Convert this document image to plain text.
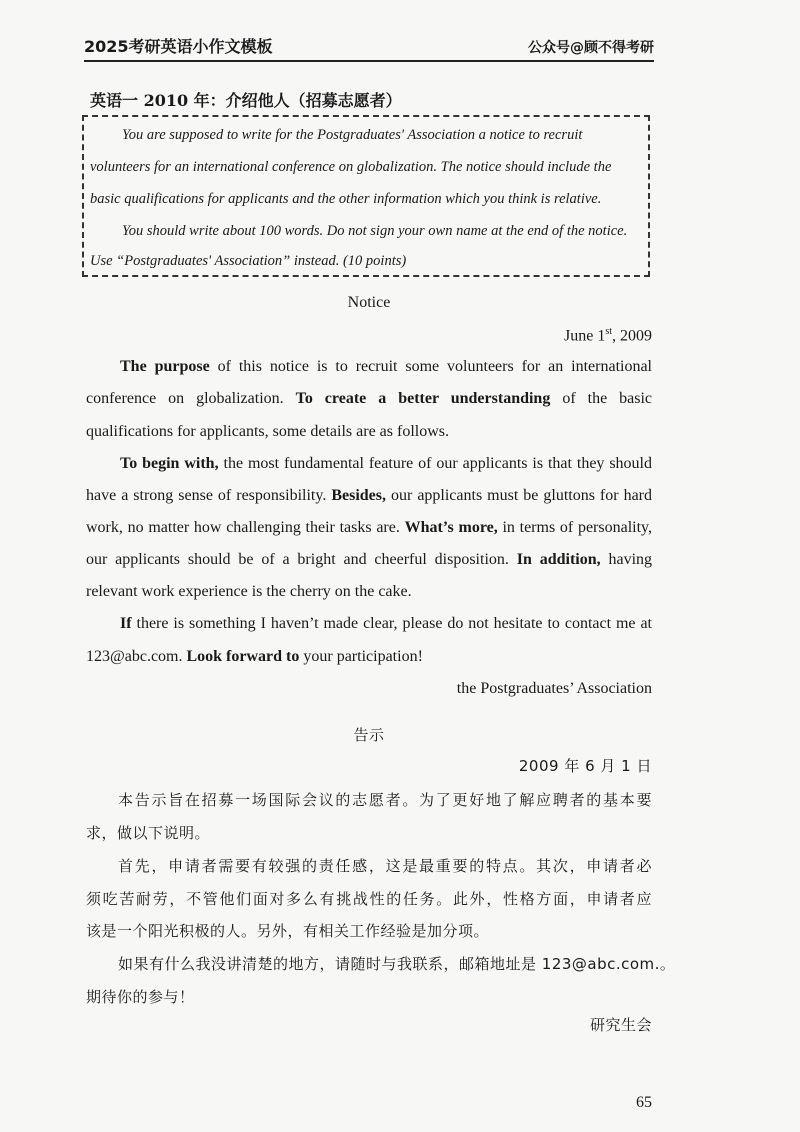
2025考研英语小作文模板	公众号@顾不得考研
英语一 2010 年：介绍他人（招募志愿者）
You are supposed to write for the Postgraduates' Association a notice to recruit
volunteers for an international conference on globalization. The notice should include the
basic qualifications for applicants and the other information which you think is relative.
You should write about 100 words. Do not sign your own name at the end of the notice.
Use “Postgraduates' Association” instead. (10 points)
Notice
June 1st, 2009
The purpose of this notice is to recruit some volunteers for an international
conference on globalization. To create a better understanding of the basic
qualifications for applicants, some details are as follows.
To begin with, the most fundamental feature of our applicants is that they should
have a strong sense of responsibility. Besides, our applicants must be gluttons for hard
work, no matter how challenging their tasks are. What’s more, in terms of personality,
our applicants should be of a bright and cheerful disposition. In addition, having
relevant work experience is the cherry on the cake.
If there is something I haven’t made clear, please do not hesitate to contact me at
123@abc.com. Look forward to your participation!
the Postgraduates’ Association
告示
2009 年 6 月 1 日
本告示旨在招募一场国际会议的志愿者。为了更好地了解应聘者的基本要
求，做以下说明。
首先，申请者需要有较强的责任感，这是最重要的特点。其次，申请者必
须吃苦耐劳，不管他们面对多么有挑战性的任务。此外，性格方面，申请者应
该是一个阳光积极的人。另外，有相关工作经验是加分项。
如果有什么我没讲清楚的地方，请随时与我联系，邮箱地址是 123@abc.com.。
期待你的参与！
研究生会
65
